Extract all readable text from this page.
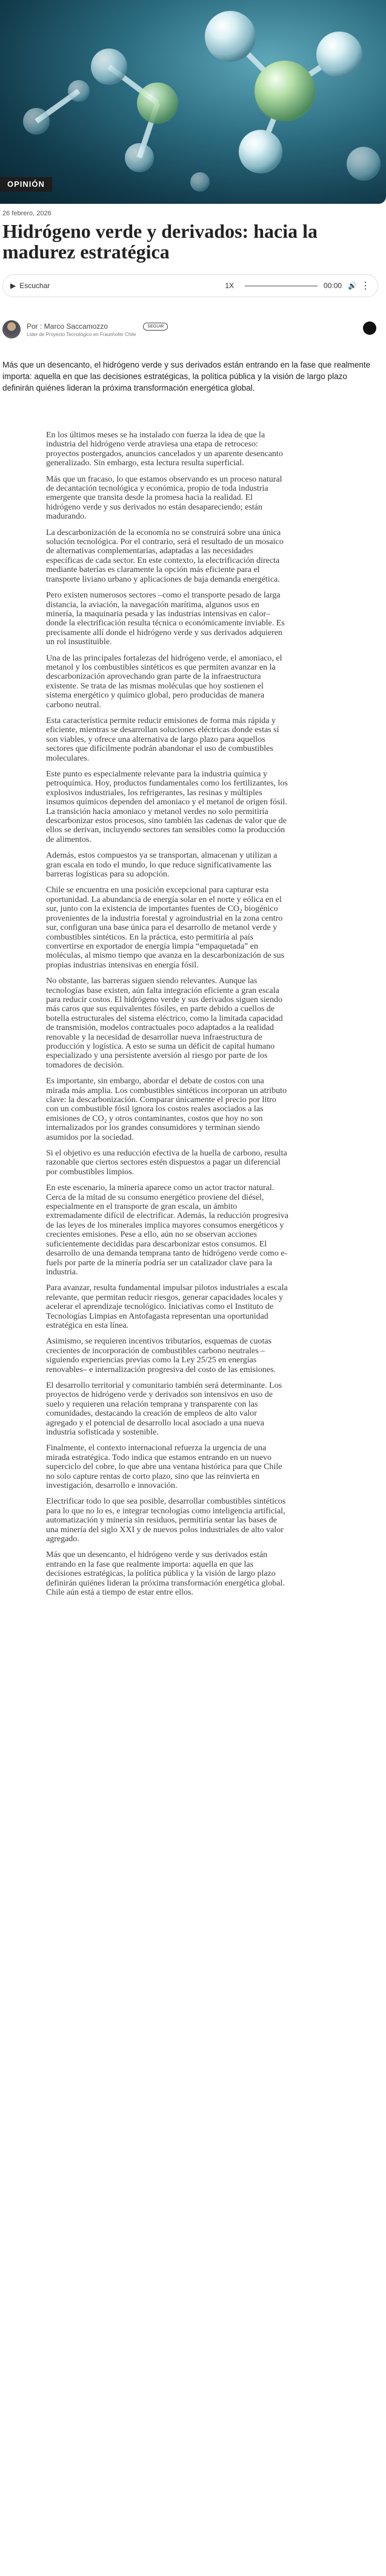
OPINIÓN
26 febrero, 2026
Hidrógeno verde y derivados: hacia la madurez estratégica
▶ Escuchar	1X	00:00 🔊 ⋮
Por : Marco Saccamozzo
Líder de Proyecto Tecnológico en Fraunhofer Chile
SEGUIR

Más que un desencanto, el hidrógeno verde y sus derivados están entrando en la fase que realmente importa: aquella en que las decisiones estratégicas, la política pública y la visión de largo plazo definirán quiénes lideran la próxima transformación energética global.

En los últimos meses se ha instalado con fuerza la idea de que la industria del hidrógeno verde atraviesa una etapa de retroceso: proyectos postergados, anuncios cancelados y un aparente desencanto generalizado. Sin embargo, esta lectura resulta superficial.

Más que un fracaso, lo que estamos observando es un proceso natural de decantación tecnológica y económica, propio de toda industria emergente que transita desde la promesa hacia la realidad. El hidrógeno verde y sus derivados no están desapareciendo; están madurando.

La descarbonización de la economía no se construirá sobre una única solución tecnológica. Por el contrario, será el resultado de un mosaico de alternativas complementarias, adaptadas a las necesidades específicas de cada sector. En este contexto, la electrificación directa mediante baterías es claramente la opción más eficiente para el transporte liviano urbano y aplicaciones de baja demanda energética.

Pero existen numerosos sectores –como el transporte pesado de larga distancia, la aviación, la navegación marítima, algunos usos en minería, la maquinaria pesada y las industrias intensivas en calor– donde la electrificación resulta técnica o económicamente inviable. Es precisamente allí donde el hidrógeno verde y sus derivados adquieren un rol insustituible.

Una de las principales fortalezas del hidrógeno verde, el amoniaco, el metanol y los combustibles sintéticos es que permiten avanzar en la descarbonización aprovechando gran parte de la infraestructura existente. Se trata de las mismas moléculas que hoy sostienen el sistema energético y químico global, pero producidas de manera carbono neutral.

Esta característica permite reducir emisiones de forma más rápida y eficiente, mientras se desarrollan soluciones eléctricas donde estas sí son viables, y ofrece una alternativa de largo plazo para aquellos sectores que difícilmente podrán abandonar el uso de combustibles moleculares.

Este punto es especialmente relevante para la industria química y petroquímica. Hoy, productos fundamentales como los fertilizantes, los explosivos industriales, los refrigerantes, las resinas y múltiples insumos químicos dependen del amoniaco y el metanol de origen fósil. La transición hacia amoniaco y metanol verdes no solo permitiría descarbonizar estos procesos, sino también las cadenas de valor que de ellos se derivan, incluyendo sectores tan sensibles como la producción de alimentos.

Además, estos compuestos ya se transportan, almacenan y utilizan a gran escala en todo el mundo, lo que reduce significativamente las barreras logísticas para su adopción.

Chile se encuentra en una posición excepcional para capturar esta oportunidad. La abundancia de energía solar en el norte y eólica en el sur, junto con la existencia de importantes fuentes de CO₂ biogénico provenientes de la industria forestal y agroindustrial en la zona centro sur, configuran una base única para el desarrollo de metanol verde y combustibles sintéticos. En la práctica, esto permitiría al país convertirse en exportador de energía limpia “empaquetada” en moléculas, al mismo tiempo que avanza en la descarbonización de sus propias industrias intensivas en energía fósil.

No obstante, las barreras siguen siendo relevantes. Aunque las tecnologías base existen, aún falta integración eficiente a gran escala para reducir costos. El hidrógeno verde y sus derivados siguen siendo más caros que sus equivalentes fósiles, en parte debido a cuellos de botella estructurales del sistema eléctrico, como la limitada capacidad de transmisión, modelos contractuales poco adaptados a la realidad renovable y la necesidad de desarrollar nueva infraestructura de producción y logística. A esto se suma un déficit de capital humano especializado y una persistente aversión al riesgo por parte de los tomadores de decisión.

Es importante, sin embargo, abordar el debate de costos con una mirada más amplia. Los combustibles sintéticos incorporan un atributo clave: la descarbonización. Comparar únicamente el precio por litro con un combustible fósil ignora los costos reales asociados a las emisiones de CO₂ y otros contaminantes, costos que hoy no son internalizados por los grandes consumidores y terminan siendo asumidos por la sociedad.

Si el objetivo es una reducción efectiva de la huella de carbono, resulta razonable que ciertos sectores estén dispuestos a pagar un diferencial por combustibles limpios.

En este escenario, la minería aparece como un actor tractor natural. Cerca de la mitad de su consumo energético proviene del diésel, especialmente en el transporte de gran escala, un ámbito extremadamente difícil de electrificar. Además, la reducción progresiva de las leyes de los minerales implica mayores consumos energéticos y crecientes emisiones. Pese a ello, aún no se observan acciones suficientemente decididas para descarbonizar estos consumos. El desarrollo de una demanda temprana tanto de hidrógeno verde como e-fuels por parte de la minería podría ser un catalizador clave para la industria.

Para avanzar, resulta fundamental impulsar pilotos industriales a escala relevante, que permitan reducir riesgos, generar capacidades locales y acelerar el aprendizaje tecnológico. Iniciativas como el Instituto de Tecnologías Limpias en Antofagasta representan una oportunidad estratégica en esta línea.

Asimismo, se requieren incentivos tributarios, esquemas de cuotas crecientes de incorporación de combustibles carbono neutrales –siguiendo experiencias previas como la Ley 25/25 en energías renovables– e internalización progresiva del costo de las emisiones.

El desarrollo territorial y comunitario también será determinante. Los proyectos de hidrógeno verde y derivados son intensivos en uso de suelo y requieren una relación temprana y transparente con las comunidades, destacando la creación de empleos de alto valor agregado y el potencial de desarrollo local asociado a una nueva industria sofisticada y sostenible.

Finalmente, el contexto internacional refuerza la urgencia de una mirada estratégica. Todo indica que estamos entrando en un nuevo superciclo del cobre, lo que abre una ventana histórica para que Chile no solo capture rentas de corto plazo, sino que las reinvierta en investigación, desarrollo e innovación.

Electrificar todo lo que sea posible, desarrollar combustibles sintéticos para lo que no lo es, e integrar tecnologías como inteligencia artificial, automatización y minería sin residuos, permitiría sentar las bases de una minería del siglo XXI y de nuevos polos industriales de alto valor agregado.

Más que un desencanto, el hidrógeno verde y sus derivados están entrando en la fase que realmente importa: aquella en que las decisiones estratégicas, la política pública y la visión de largo plazo definirán quiénes lideran la próxima transformación energética global. Chile aún está a tiempo de estar entre ellos.
